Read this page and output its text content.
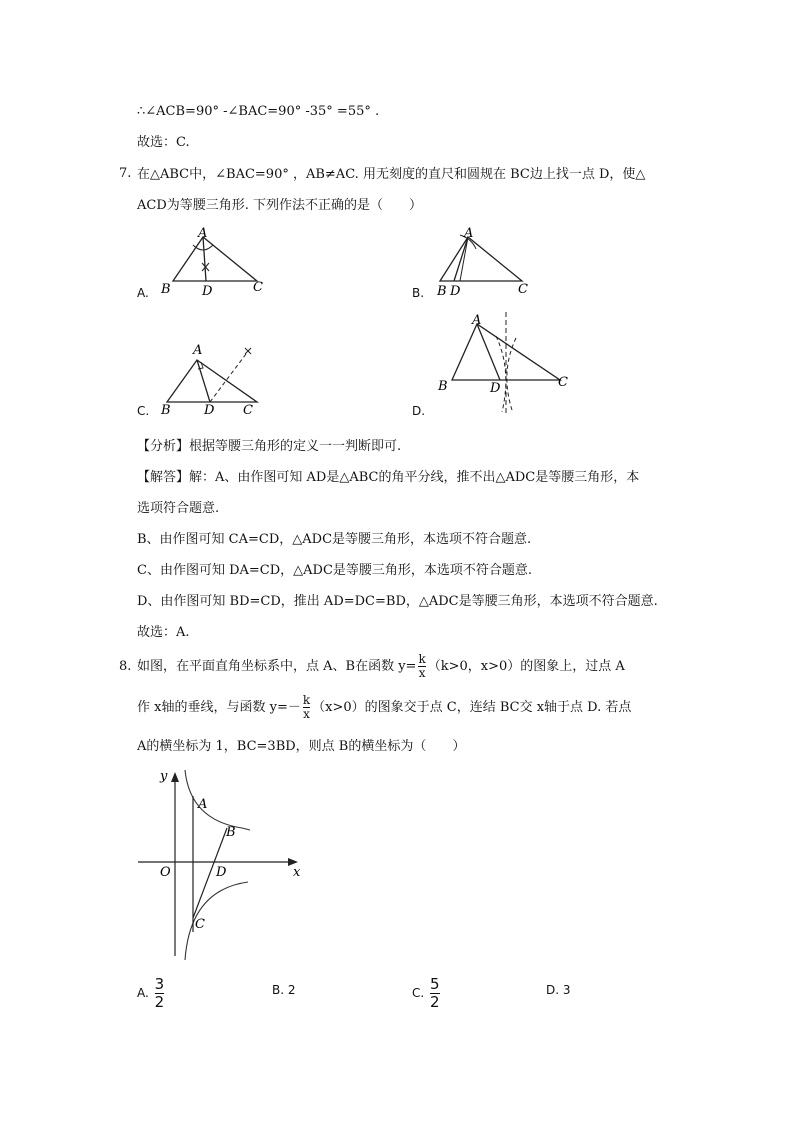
∴∠ACB=90° -∠BAC=90° -35° =55° .
故选：C.
7. 在△ABC中，∠BAC=90° ，AB≠AC. 用无刻度的直尺和圆规在 BC边上找一点 D，使△
ACD为等腰三角形. 下列作法不正确的是（　　）
A
B D	C
A.
A
B D	C
B.
A
B	D C
C.
A
B	D	C
D.
【分析】根据等腰三角形的定义一一判断即可.
【解答】解：A、由作图可知 AD是△ABC的角平分线，推不出△ADC是等腰三角形，本
选项符合题意.
B、由作图可知 CA=CD，△ADC是等腰三角形，本选项不符合题意.
C、由作图可知 DA=CD，△ADC是等腰三角形，本选项不符合题意.
D、由作图可知 BD=CD，推出 AD=DC=BD，△ADC是等腰三角形，本选项不符合题意.
故选：A.
8. 如图，在平面直角坐标系中，点 A、B在函数 $y= \frac{k}{x} (k>0$，x>0）的图象上，过点 A
作 x轴的垂线，与函数 $y=- \frac{k}{x} (x>0)$的图象交于点 C，连结 BC交 x轴于点 D. 若点
A的横坐标为 1，BC=3BD，则点 B的横坐标为（　　）
y
x
O
A
B
D
C
A. $\frac{3}{2}$	B. 2	C. $\frac{5}{2}$	D. 3
